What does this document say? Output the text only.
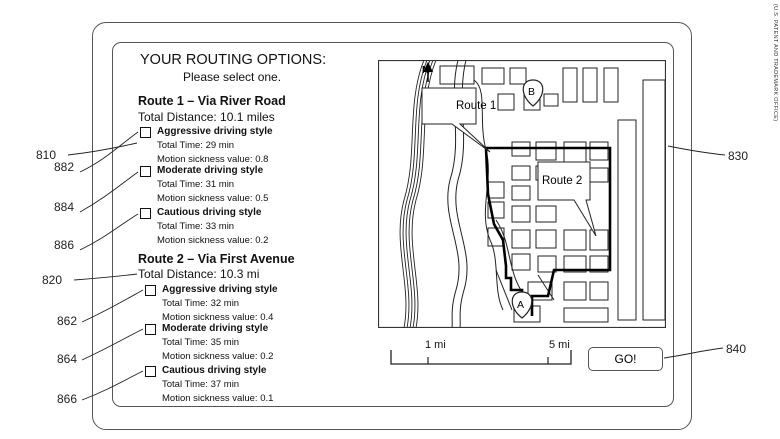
(U.S. PATENT AND TRADEMARK OFFICE)
YOUR ROUTING OPTIONS:
Please select one.
Route 1 – Via River Road
Total Distance: 10.1 miles
Aggressive driving style
Total Time: 29 min
Motion sickness value: 0.8
Moderate driving style
Total Time: 31 min
Motion sickness value: 0.5
Cautious driving style
Total Time: 33 min
Motion sickness value: 0.2
Route 2 – Via First Avenue
Total Distance: 10.3 mi
Aggressive driving style
Total Time: 32 min
Motion sickness value: 0.4
Moderate driving style
Total Time: 35 min
Motion sickness value: 0.2
Cautious driving style
Total Time: 37 min
Motion sickness value: 0.1
N
B
A
Route 1
Route 2
1 mi	5 mi
GO!
810
882
884
886
820
862
864
866
830
840
